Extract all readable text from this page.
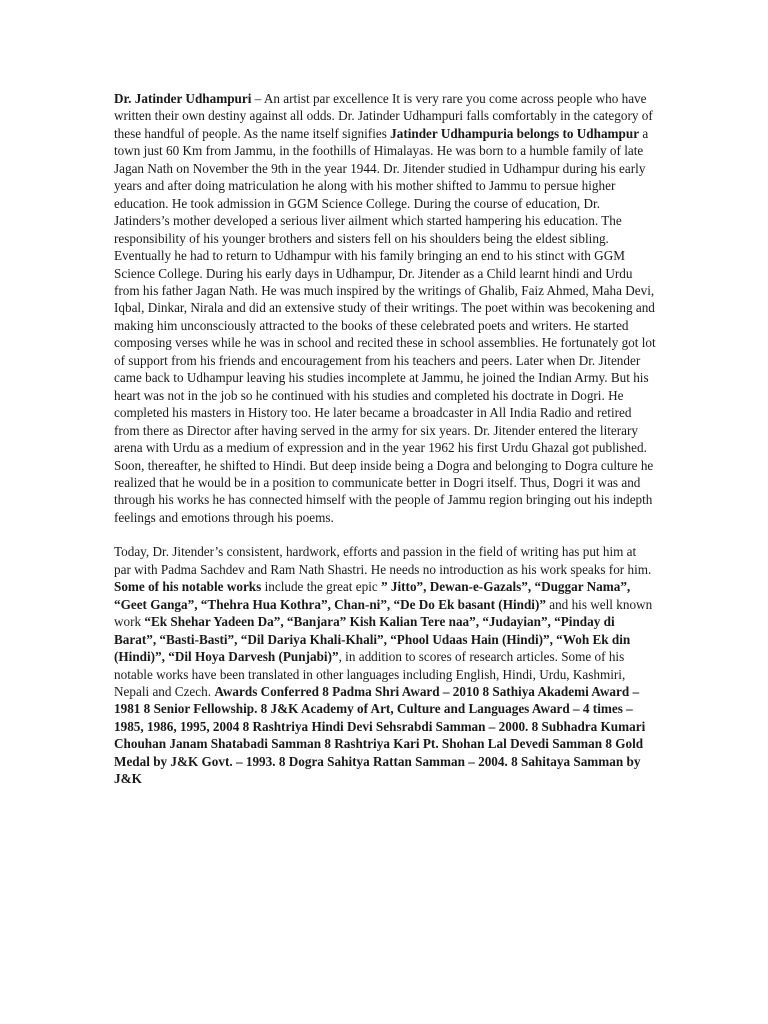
Dr. Jatinder Udhampuri – An artist par excellence It is very rare you come across people who have written their own destiny against all odds. Dr. Jatinder Udhampuri falls comfortably in the category of these handful of people. As the name itself signifies Jatinder Udhampuria belongs to Udhampur a town just 60 Km from Jammu, in the foothills of Himalayas. He was born to a humble family of late Jagan Nath on November the 9th in the year 1944. Dr. Jitender studied in Udhampur during his early years and after doing matriculation he along with his mother shifted to Jammu to persue higher education. He took admission in GGM Science College. During the course of education, Dr. Jatinders’s mother developed a serious liver ailment which started hampering his education. The responsibility of his younger brothers and sisters fell on his shoulders being the eldest sibling. Eventually he had to return to Udhampur with his family bringing an end to his stinct with GGM Science College. During his early days in Udhampur, Dr. Jitender as a Child learnt hindi and Urdu from his father Jagan Nath. He was much inspired by the writings of Ghalib, Faiz Ahmed, Maha Devi, Iqbal, Dinkar, Nirala and did an extensive study of their writings. The poet within was becokening and making him unconsciously attracted to the books of these celebrated poets and writers. He started composing verses while he was in school and recited these in school assemblies. He fortunately got lot of support from his friends and encouragement from his teachers and peers. Later when Dr. Jitender came back to Udhampur leaving his studies incomplete at Jammu, he joined the Indian Army. But his heart was not in the job so he continued with his studies and completed his doctrate in Dogri. He completed his masters in History too. He later became a broadcaster in All India Radio and retired from there as Director after having served in the army for six years. Dr. Jitender entered the literary arena with Urdu as a medium of expression and in the year 1962 his first Urdu Ghazal got published. Soon, thereafter, he shifted to Hindi. But deep inside being a Dogra and belonging to Dogra culture he realized that he would be in a position to communicate better in Dogri itself. Thus, Dogri it was and through his works he has connected himself with the people of Jammu region bringing out his indepth feelings and emotions through his poems.

Today, Dr. Jitender’s consistent, hardwork, efforts and passion in the field of writing has put him at par with Padma Sachdev and Ram Nath Shastri. He needs no introduction as his work speaks for him. Some of his notable works include the great epic ” Jitto”, Dewan-e-Gazals”, “Duggar Nama”, “Geet Ganga”, “Thehra Hua Kothra”, Chan-ni”, “De Do Ek basant (Hindi)” and his well known work “Ek Shehar Yadeen Da”, “Banjara” Kish Kalian Tere naa”, “Judayian”, “Pinday di Barat”, “Basti-Basti”, “Dil Dariya Khali-Khali”, “Phool Udaas Hain (Hindi)”, “Woh Ek din (Hindi)”, “Dil Hoya Darvesh (Punjabi)”, in addition to scores of research articles. Some of his notable works have been translated in other languages including English, Hindi, Urdu, Kashmiri, Nepali and Czech. Awards Conferred 8 Padma Shri Award – 2010 8 Sathiya Akademi Award – 1981 8 Senior Fellowship. 8 J&K Academy of Art, Culture and Languages Award – 4 times – 1985, 1986, 1995, 2004 8 Rashtriya Hindi Devi Sehsrabdi Samman – 2000. 8 Subhadra Kumari Chouhan Janam Shatabadi Samman 8 Rashtriya Kari Pt. Shohan Lal Devedi Samman 8 Gold Medal by J&K Govt. – 1993. 8 Dogra Sahitya Rattan Samman – 2004. 8 Sahitaya Samman by J&K
